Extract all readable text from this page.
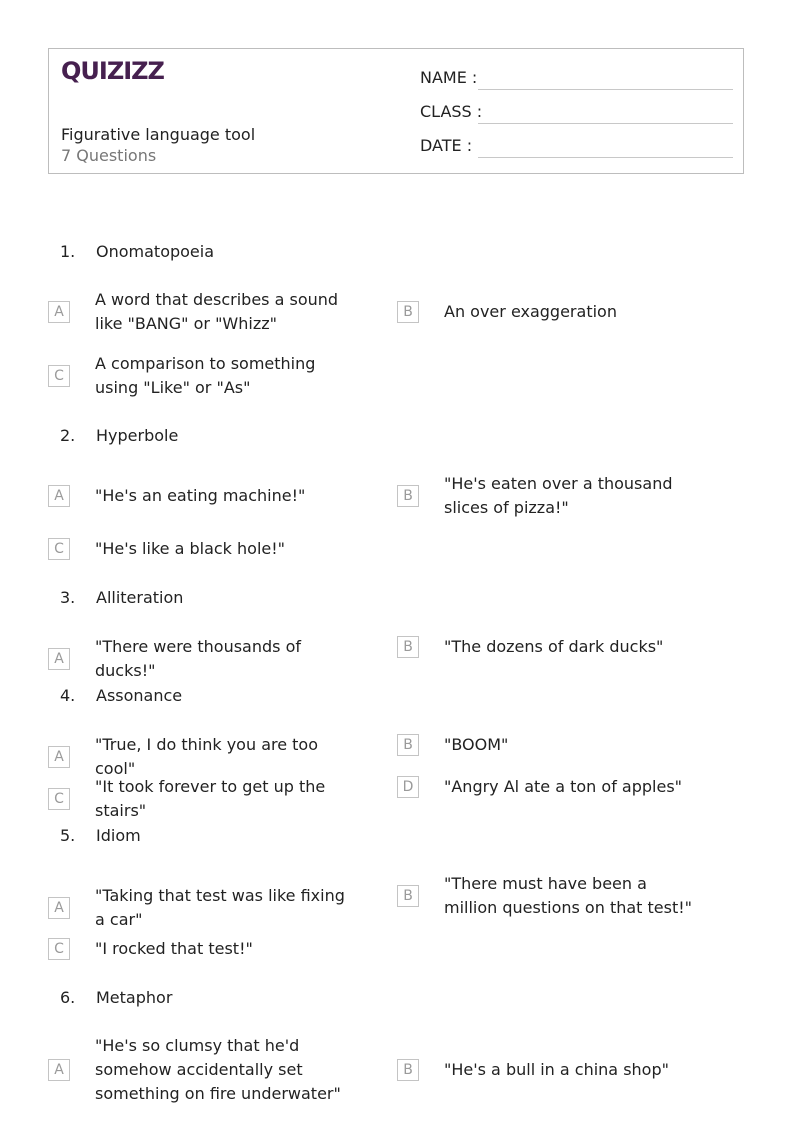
QUIZIZZ
Figurative language tool
7 Questions
NAME :
CLASS :
DATE :
1. Onomatopoeia
A
A word that describes a sound like "BANG" or "Whizz"
B	An over exaggeration
C
A comparison to something using "Like" or "As"
2. Hyperbole
A	"He's an eating machine!"	B
"He's eaten over a thousand slices of pizza!"
C	"He's like a black hole!"
3. Alliteration
A
"There were thousands of ducks!"
B	"The dozens of dark ducks"
4. Assonance
A
"True, I do think you are too cool"
B	"BOOM"
C
"It took forever to get up the stairs"
D	"Angry Al ate a ton of apples"
5. Idiom
A
"Taking that test was like fixing a car"
B
"There must have been a million questions on that test!"
C	"I rocked that test!"
6. Metaphor
A
"He's so clumsy that he'd somehow accidentally set something on fire underwater"
B	"He's a bull in a china shop"
